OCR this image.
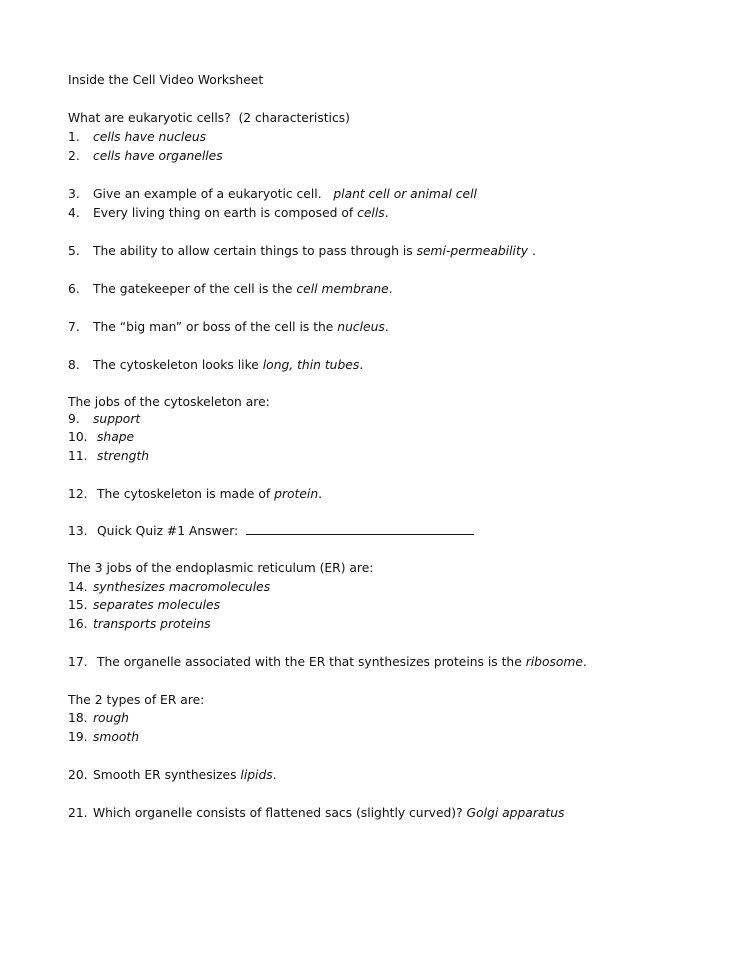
Inside the Cell Video Worksheet
What are eukaryotic cells?  (2 characteristics)
1. cells have nucleus
2. cells have organelles
3. Give an example of a eukaryotic cell.   plant cell or animal cell
4. Every living thing on earth is composed of cells.
5. The ability to allow certain things to pass through is semi-permeability .
6. The gatekeeper of the cell is the cell membrane.
7. The “big man” or boss of the cell is the nucleus.
8. The cytoskeleton looks like long, thin tubes.
The jobs of the cytoskeleton are:
9. support
10. shape
11. strength
12. The cytoskeleton is made of protein.
13. Quick Quiz #1 Answer:
The 3 jobs of the endoplasmic reticulum (ER) are:
14. synthesizes macromolecules
15. separates molecules
16. transports proteins
17. The organelle associated with the ER that synthesizes proteins is the ribosome.
The 2 types of ER are:
18. rough
19. smooth
20. Smooth ER synthesizes lipids.
21. Which organelle consists of flattened sacs (slightly curved)? Golgi apparatus
